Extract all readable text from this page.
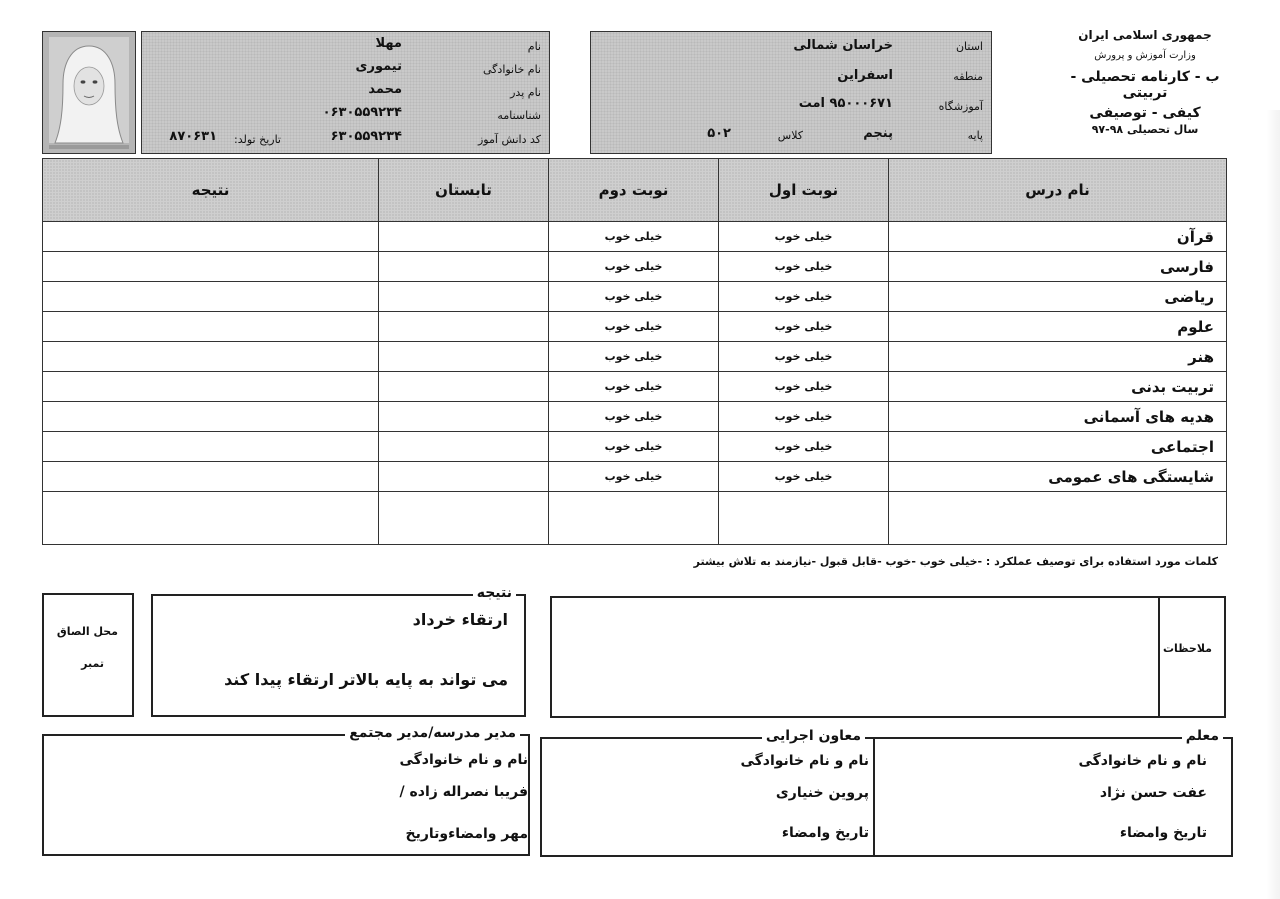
جمهوری اسلامی ایران
وزارت آموزش و پرورش
ب - کارنامه تحصیلی - تربیتی
کیفی - توصیفی
سال تحصیلی ۹۸-۹۷
استان
خراسان شمالی
منطقه
اسفراین
آموزشگاه
۹۵۰۰۰۶۷۱ امت
پایه
پنجم
کلاس
۵۰۲
نام
مهلا
نام خانوادگی
تیموری
نام پدر
محمد
شناسنامه
۰۶۳۰۵۵۹۲۳۴
کد دانش آموز
۶۳۰۵۵۹۲۳۴
تاریخ تولد:
۸۷۰۶۳۱
نام درس	نوبت اول	نوبت دوم	تابستان	نتیجه
قرآن	خیلی خوب	خیلی خوب		
فارسی	خیلی خوب	خیلی خوب		
ریاضی	خیلی خوب	خیلی خوب		
علوم	خیلی خوب	خیلی خوب		
هنر	خیلی خوب	خیلی خوب		
تربیت بدنی	خیلی خوب	خیلی خوب		
هدیه های آسمانی	خیلی خوب	خیلی خوب		
اجتماعی	خیلی خوب	خیلی خوب		
شایستگی های عمومی	خیلی خوب	خیلی خوب		

کلمات مورد استفاده برای توصیف عملکرد : -خیلی خوب -خوب -قابل قبول -نیازمند به تلاش بیشتر
ملاحظات
نتیجه
ارتقاء خرداد
می تواند به پایه بالاتر ارتقاء پیدا کند
محل الصاق
تمبر
مدیر مدرسه/مدیر مجتمع
نام و نام خانوادگی
فریبا نصراله زاده /
مهر وامضاءوتاریخ
معاون اجرایی
نام و نام خانوادگی
پروین خنیاری
تاریخ وامضاء
معلم
نام و نام خانوادگی
عفت حسن نژاد
تاریخ وامضاء
